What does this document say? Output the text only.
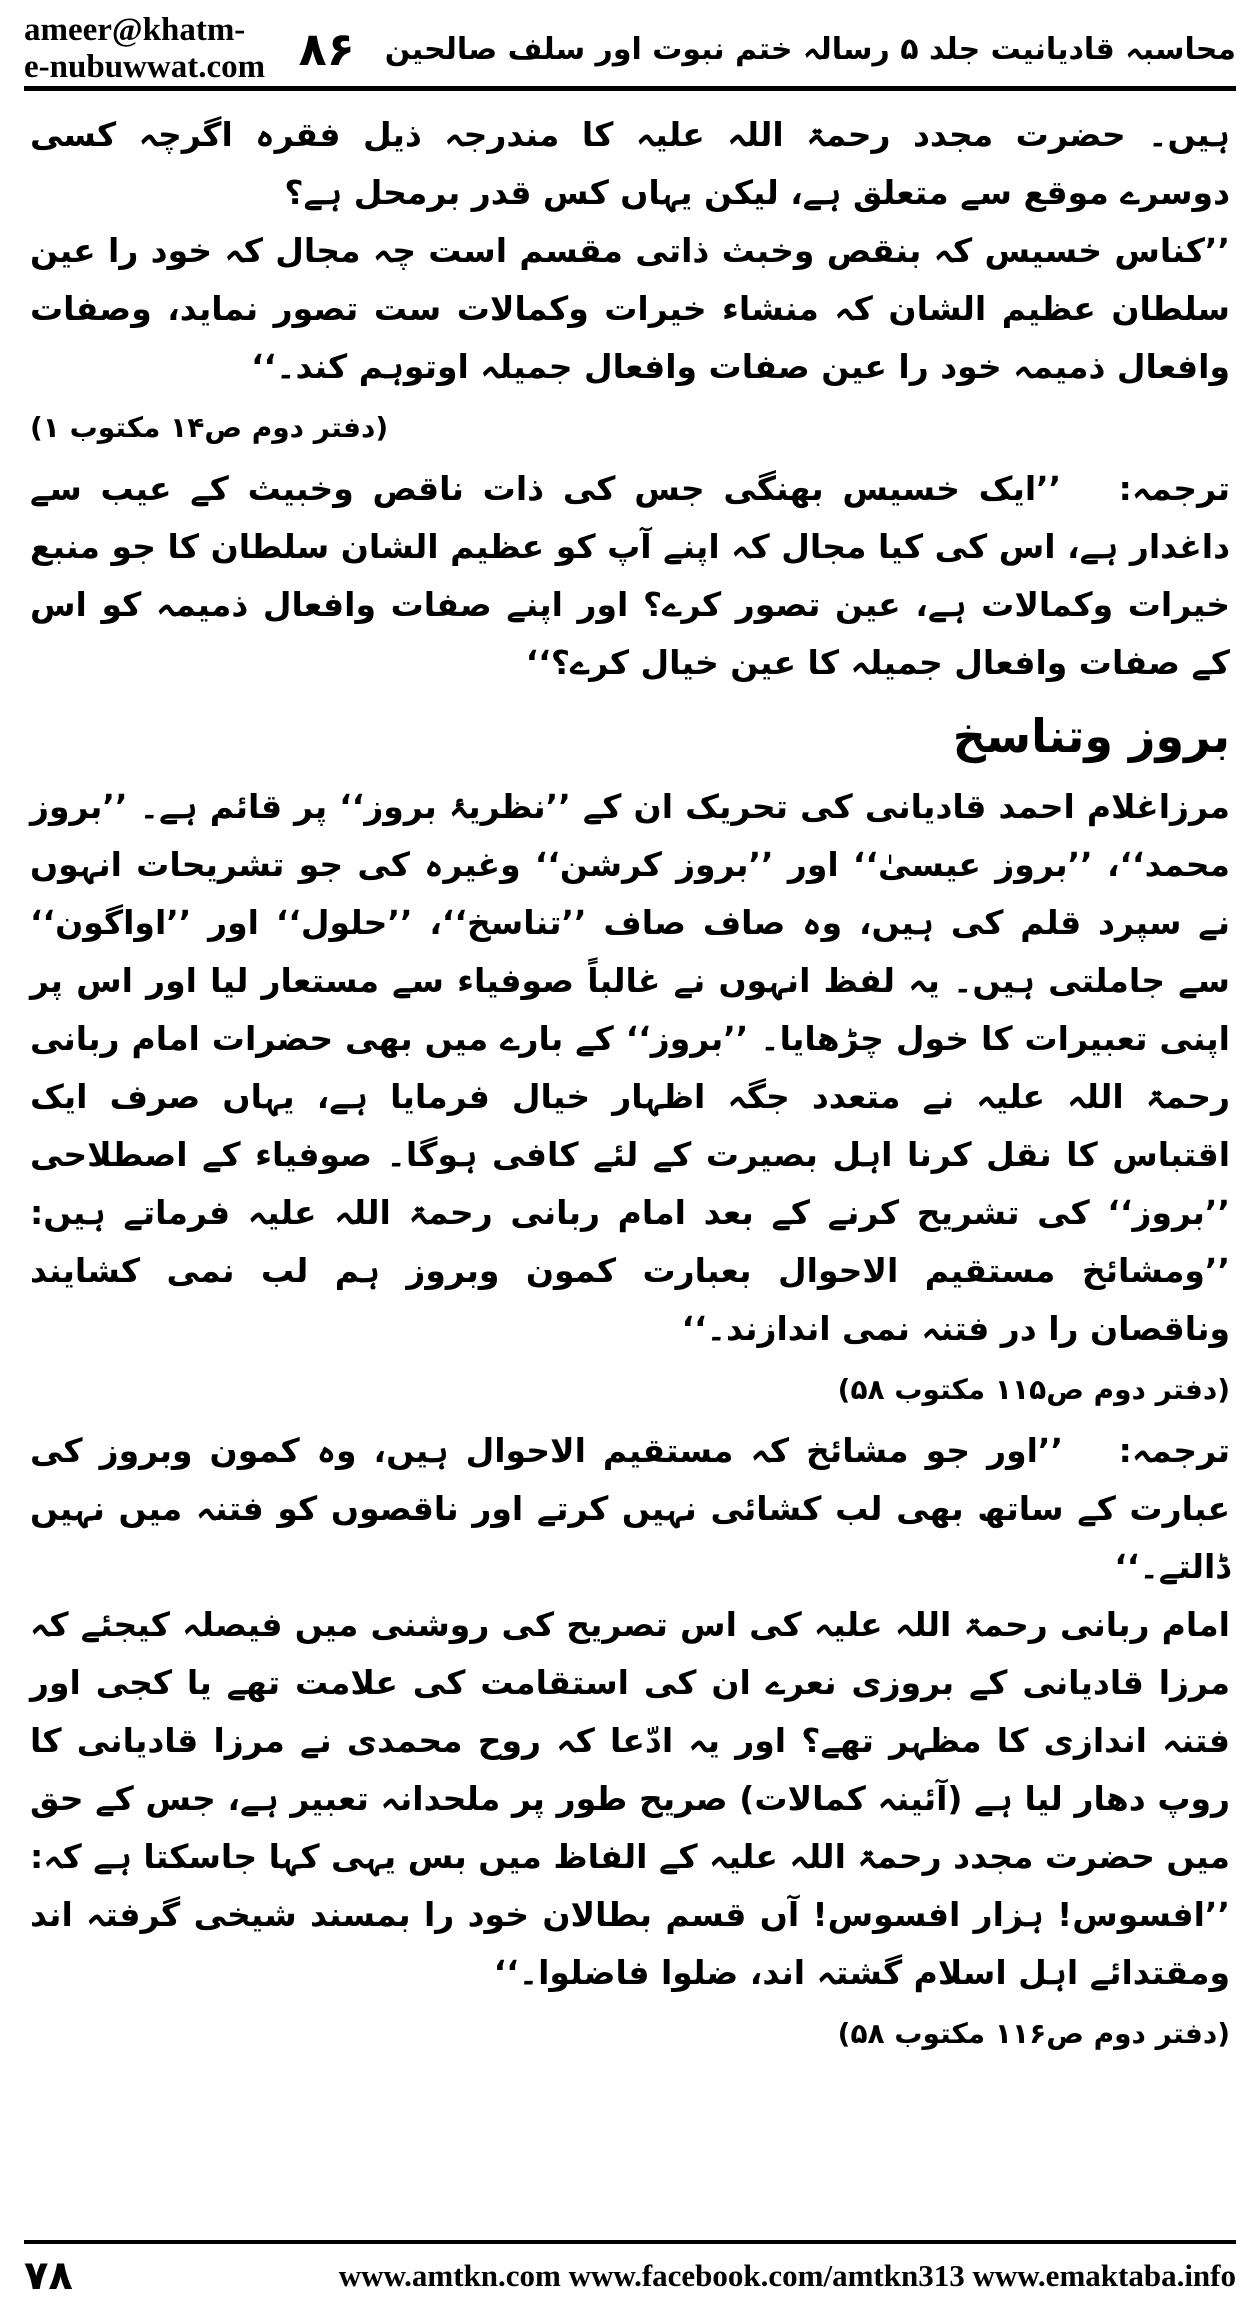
ameer@khatm-e-nubuwwat.com ۸۶ محاسبہ قادیانیت جلد ۵ رسالہ ختم نبوت اور سلف صالحین

ہیں۔ حضرت مجدد رحمۃ اللہ علیہ کا مندرجہ ذیل فقرہ اگرچہ کسی دوسرے موقع سے متعلق ہے، لیکن یہاں کس قدر برمحل ہے؟

’’کناس خسیس کہ بنقص وخبث ذاتی مقسم است چہ مجال کہ خود را عین سلطان عظیم الشان کہ منشاء خیرات وکمالات ست تصور نماید، وصفات وافعال ذمیمہ خود را عین صفات وافعال جمیلہ اوتوہم کند۔‘‘

(دفتر دوم ص۱۴ مکتوب ۱)

ترجمہ: ’’ایک خسیس بھنگی جس کی ذات ناقص وخبیث کے عیب سے داغدار ہے، اس کی کیا مجال کہ اپنے آپ کو عظیم الشان سلطان کا جو منبع خیرات وکمالات ہے، عین تصور کرے؟ اور اپنے صفات وافعال ذمیمہ کو اس کے صفات وافعال جمیلہ کا عین خیال کرے؟‘‘

بروز وتناسخ

مرزاغلام احمد قادیانی کی تحریک ان کے ’’نظریۂ بروز‘‘ پر قائم ہے۔ ’’بروز محمد‘‘، ’’بروز عیسیٰ‘‘ اور ’’بروز کرشن‘‘ وغیرہ کی جو تشریحات انہوں نے سپرد قلم کی ہیں، وہ صاف صاف ’’تناسخ‘‘، ’’حلول‘‘ اور ’’اواگون‘‘ سے جاملتی ہیں۔ یہ لفظ انہوں نے غالباً صوفیاء سے مستعار لیا اور اس پر اپنی تعبیرات کا خول چڑھایا۔ ’’بروز‘‘ کے بارے میں بھی حضرات امام ربانی رحمۃ اللہ علیہ نے متعدد جگہ اظہار خیال فرمایا ہے، یہاں صرف ایک اقتباس کا نقل کرنا اہل بصیرت کے لئے کافی ہوگا۔ صوفیاء کے اصطلاحی ’’بروز‘‘ کی تشریح کرنے کے بعد امام ربانی رحمۃ اللہ علیہ فرماتے ہیں: ’’ومشائخ مستقیم الاحوال بعبارت کمون وبروز ہم لب نمی کشایند وناقصان را در فتنہ نمی اندازند۔‘‘

(دفتر دوم ص۱۱۵ مکتوب ۵۸)

ترجمہ: ’’اور جو مشائخ کہ مستقیم الاحوال ہیں، وہ کمون وبروز کی عبارت کے ساتھ بھی لب کشائی نہیں کرتے اور ناقصوں کو فتنہ میں نہیں ڈالتے۔‘‘

امام ربانی رحمۃ اللہ علیہ کی اس تصریح کی روشنی میں فیصلہ کیجئے کہ مرزا قادیانی کے بروزی نعرے ان کی استقامت کی علامت تھے یا کجی اور فتنہ اندازی کا مظہر تھے؟ اور یہ ادّعا کہ روح محمدی نے مرزا قادیانی کا روپ دھار لیا ہے (آئینہ کمالات) صریح طور پر ملحدانہ تعبیر ہے، جس کے حق میں حضرت مجدد رحمۃ اللہ علیہ کے الفاظ میں بس یہی کہا جاسکتا ہے کہ: ’’افسوس! ہزار افسوس! آں قسم بطالان خود را بمسند شیخی گرفتہ اند ومقتدائے اہل اسلام گشتہ اند، ضلوا فاضلوا۔‘‘

(دفتر دوم ص۱۱۶ مکتوب ۵۸)

۷۸	www.amtkn.com www.facebook.com/amtkn313 www.emaktaba.info
